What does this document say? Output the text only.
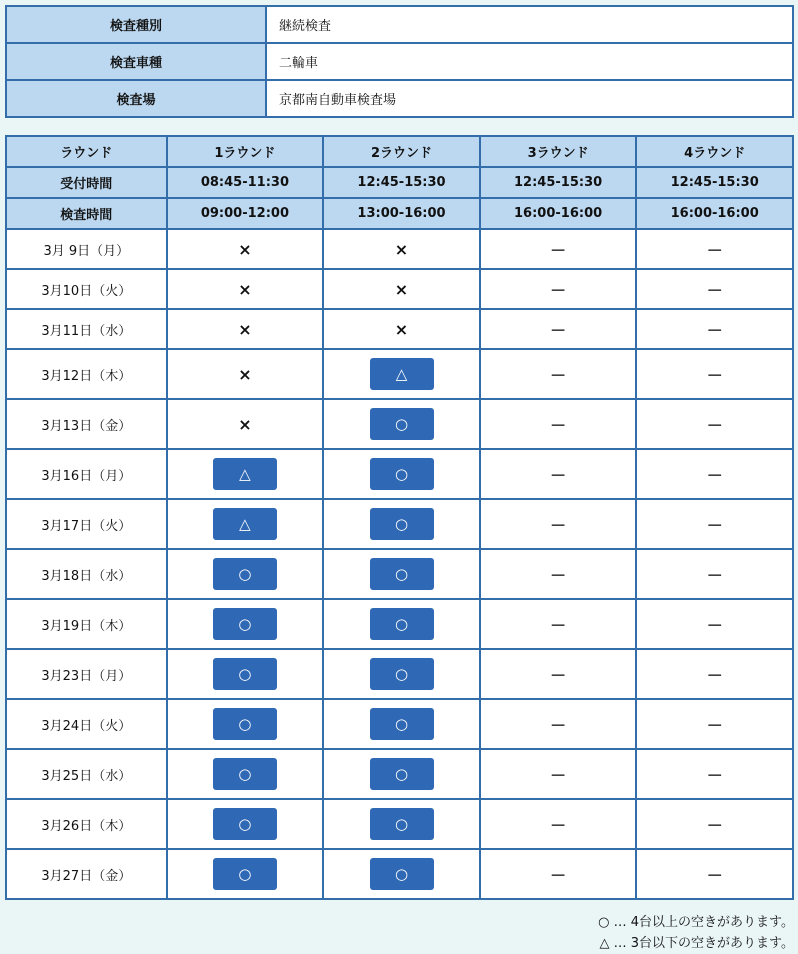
検査種別	継続検査
検査車種	二輪車
検査場	京都南自動車検査場
ラウンド	1ラウンド	2ラウンド	3ラウンド	4ラウンド
受付時間	08:45-11:30	12:45-15:30	12:45-15:30	12:45-15:30
検査時間	09:00-12:00	13:00-16:00	16:00-16:00	16:00-16:00
3月 9日（月）	×	×	－	－
3月10日（火）	×	×	－	－
3月11日（水）	×	×	－	－
3月12日（木）	×	△	－	－
3月13日（金）	×	○	－	－
3月16日（月）	△	○	－	－
3月17日（火）	△	○	－	－
3月18日（水）	○	○	－	－
3月19日（木）	○	○	－	－
3月23日（月）	○	○	－	－
3月24日（火）	○	○	－	－
3月25日（水）	○	○	－	－
3月26日（木）	○	○	－	－
3月27日（金）	○	○	－	－
○ … 4台以上の空きがあります。
△ … 3台以下の空きがあります。
